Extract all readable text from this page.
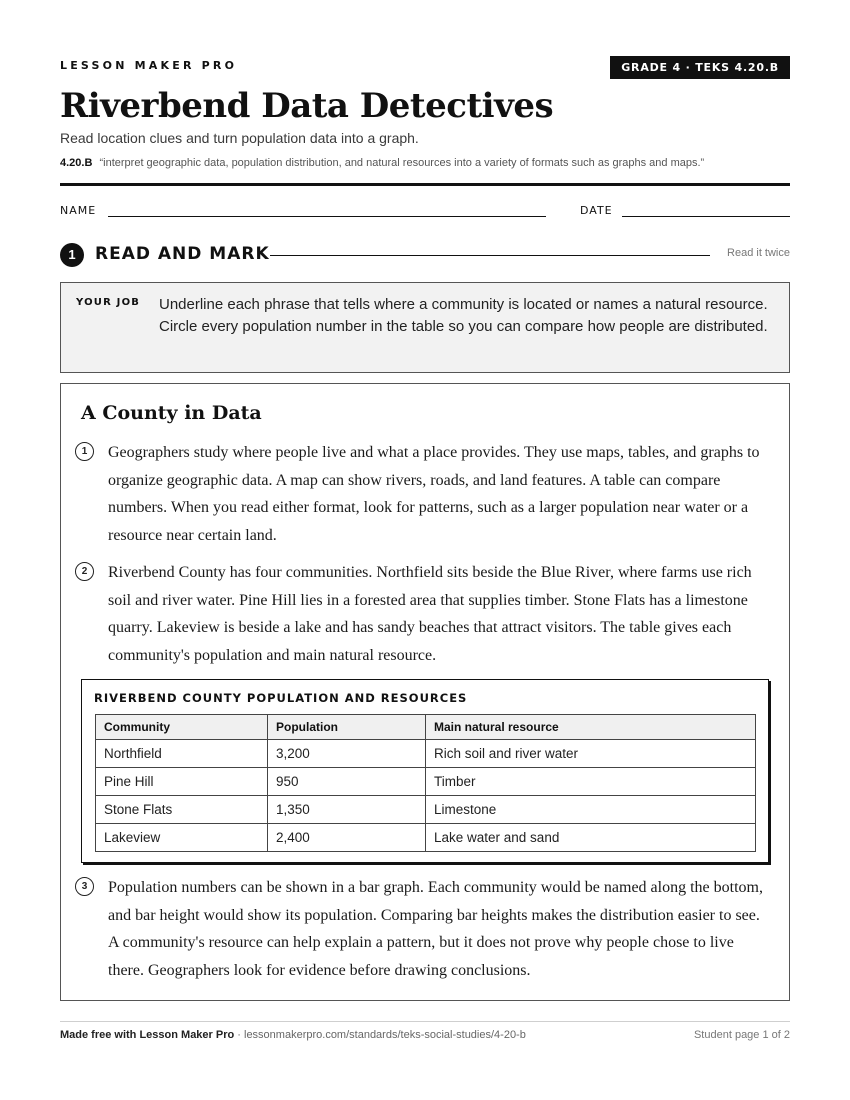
LESSON MAKER PRO	GRADE 4 · TEKS 4.20.B
Riverbend Data Detectives
Read location clues and turn population data into a graph.
4.20.B “interpret geographic data, population distribution, and natural resources into a variety of formats such as graphs and maps.”
NAME	DATE
1	READ AND MARK	Read it twice
YOUR JOB Underline each phrase that tells where a community is located or names a natural resource. Circle every population number in the table so you can compare how people are distributed.
A County in Data
1	Geographers study where people live and what a place provides. They use maps, tables, and graphs to organize geographic data. A map can show rivers, roads, and land features. A table can compare numbers. When you read either format, look for patterns, such as a larger population near water or a resource near certain land.
2	Riverbend County has four communities. Northfield sits beside the Blue River, where farms use rich soil and river water. Pine Hill lies in a forested area that supplies timber. Stone Flats has a limestone quarry. Lakeview is beside a lake and has sandy beaches that attract visitors. The table gives each community's population and main natural resource.
RIVERBEND COUNTY POPULATION AND RESOURCES
Community	Population	Main natural resource
Northfield	3,200	Rich soil and river water
Pine Hill	950	Timber
Stone Flats	1,350	Limestone
Lakeview	2,400	Lake water and sand
3	Population numbers can be shown in a bar graph. Each community would be named along the bottom, and bar height would show its population. Comparing bar heights makes the distribution easier to see. A community's resource can help explain a pattern, but it does not prove why people chose to live there. Geographers look for evidence before drawing conclusions.
Made free with Lesson Maker Pro · lessonmakerpro.com/standards/teks-social-studies/4-20-b	Student page 1 of 2
